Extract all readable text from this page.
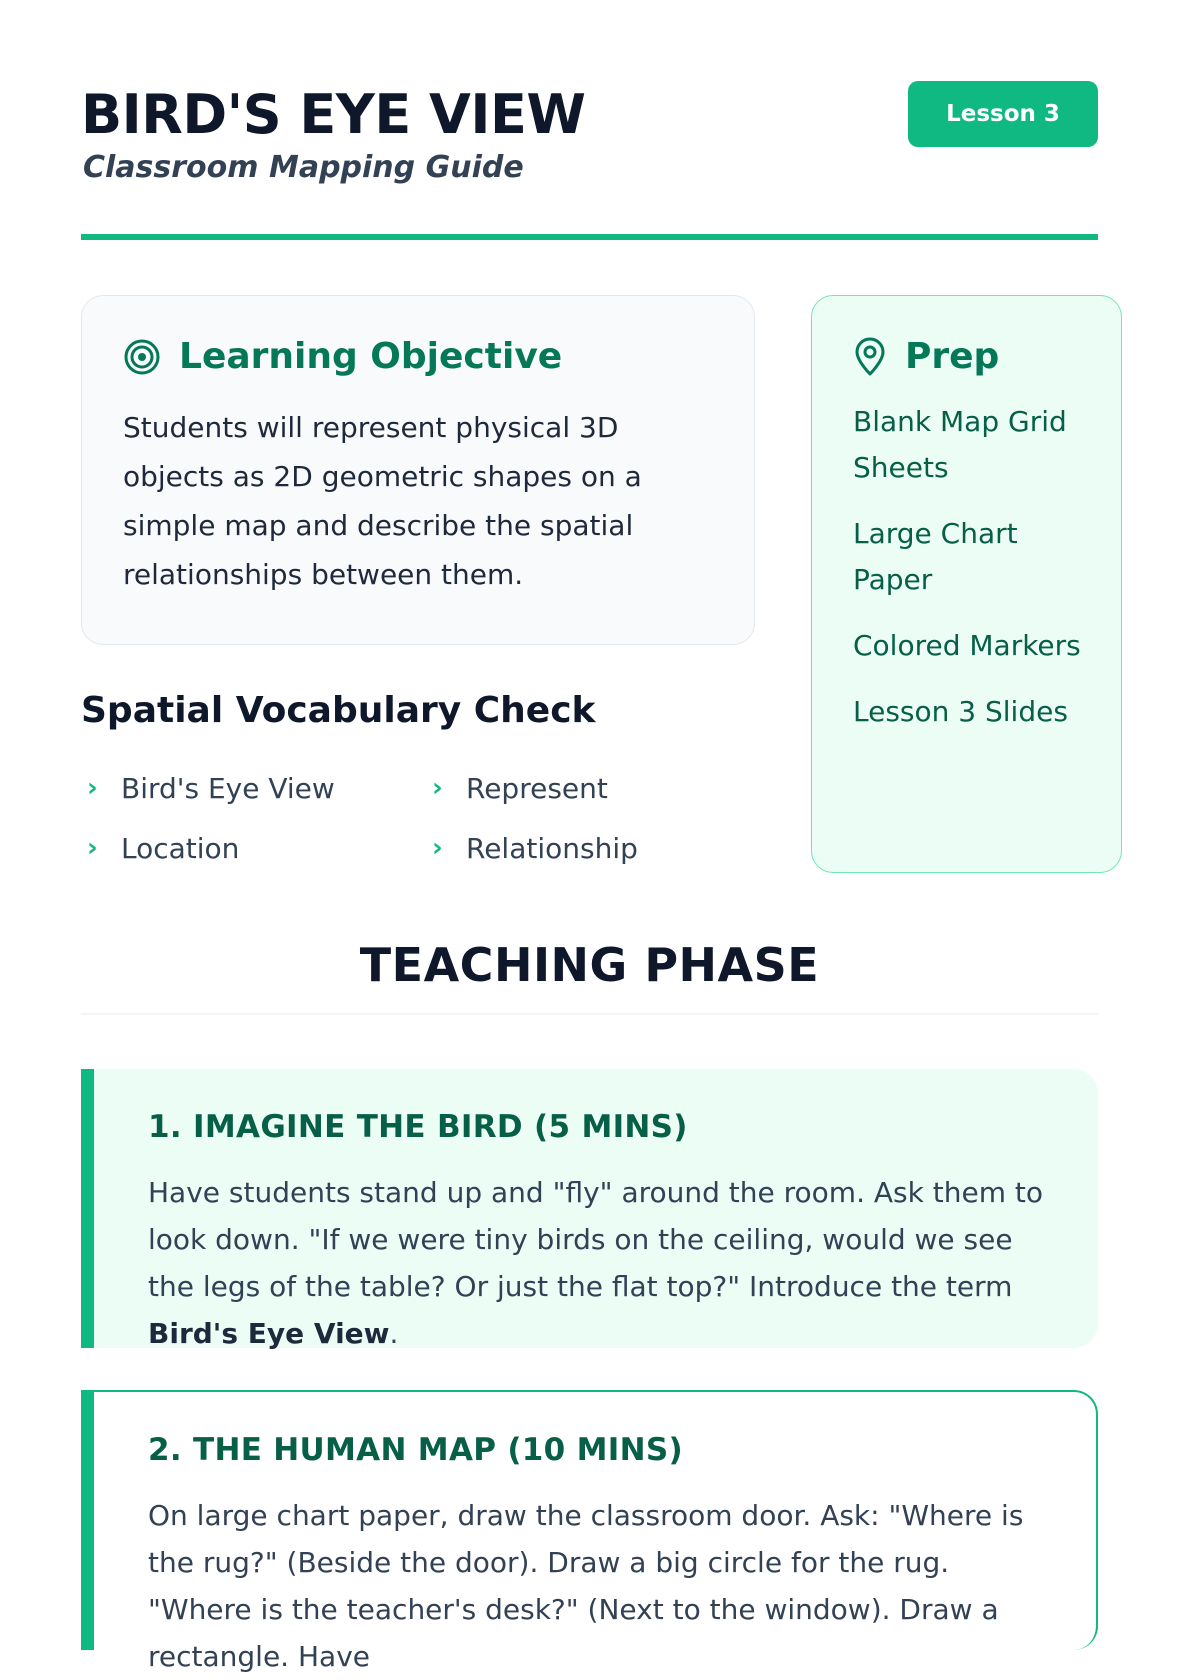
BIRD'S EYE VIEW
Classroom Mapping Guide
Lesson 3
Learning Objective

Students will represent physical 3D objects as 2D geometric shapes on a simple map and describe the spatial relationships between them.

Spatial Vocabulary Check
› Bird's Eye View	› Represent
› Location	› Relationship
Prep
Blank Map Grid Sheets
Large Chart Paper
Colored Markers
Lesson 3 Slides
TEACHING PHASE
1. IMAGINE THE BIRD (5 MINS)

Have students stand up and "fly" around the room. Ask them to look down. "If we were tiny birds on the ceiling, would we see the legs of the table? Or just the flat top?" Introduce the term Bird's Eye View.

2. THE HUMAN MAP (10 MINS)

On large chart paper, draw the classroom door. Ask: "Where is the rug?" (Beside the door). Draw a big circle for the rug. "Where is the teacher's desk?" (Next to the window). Draw a rectangle. Have
